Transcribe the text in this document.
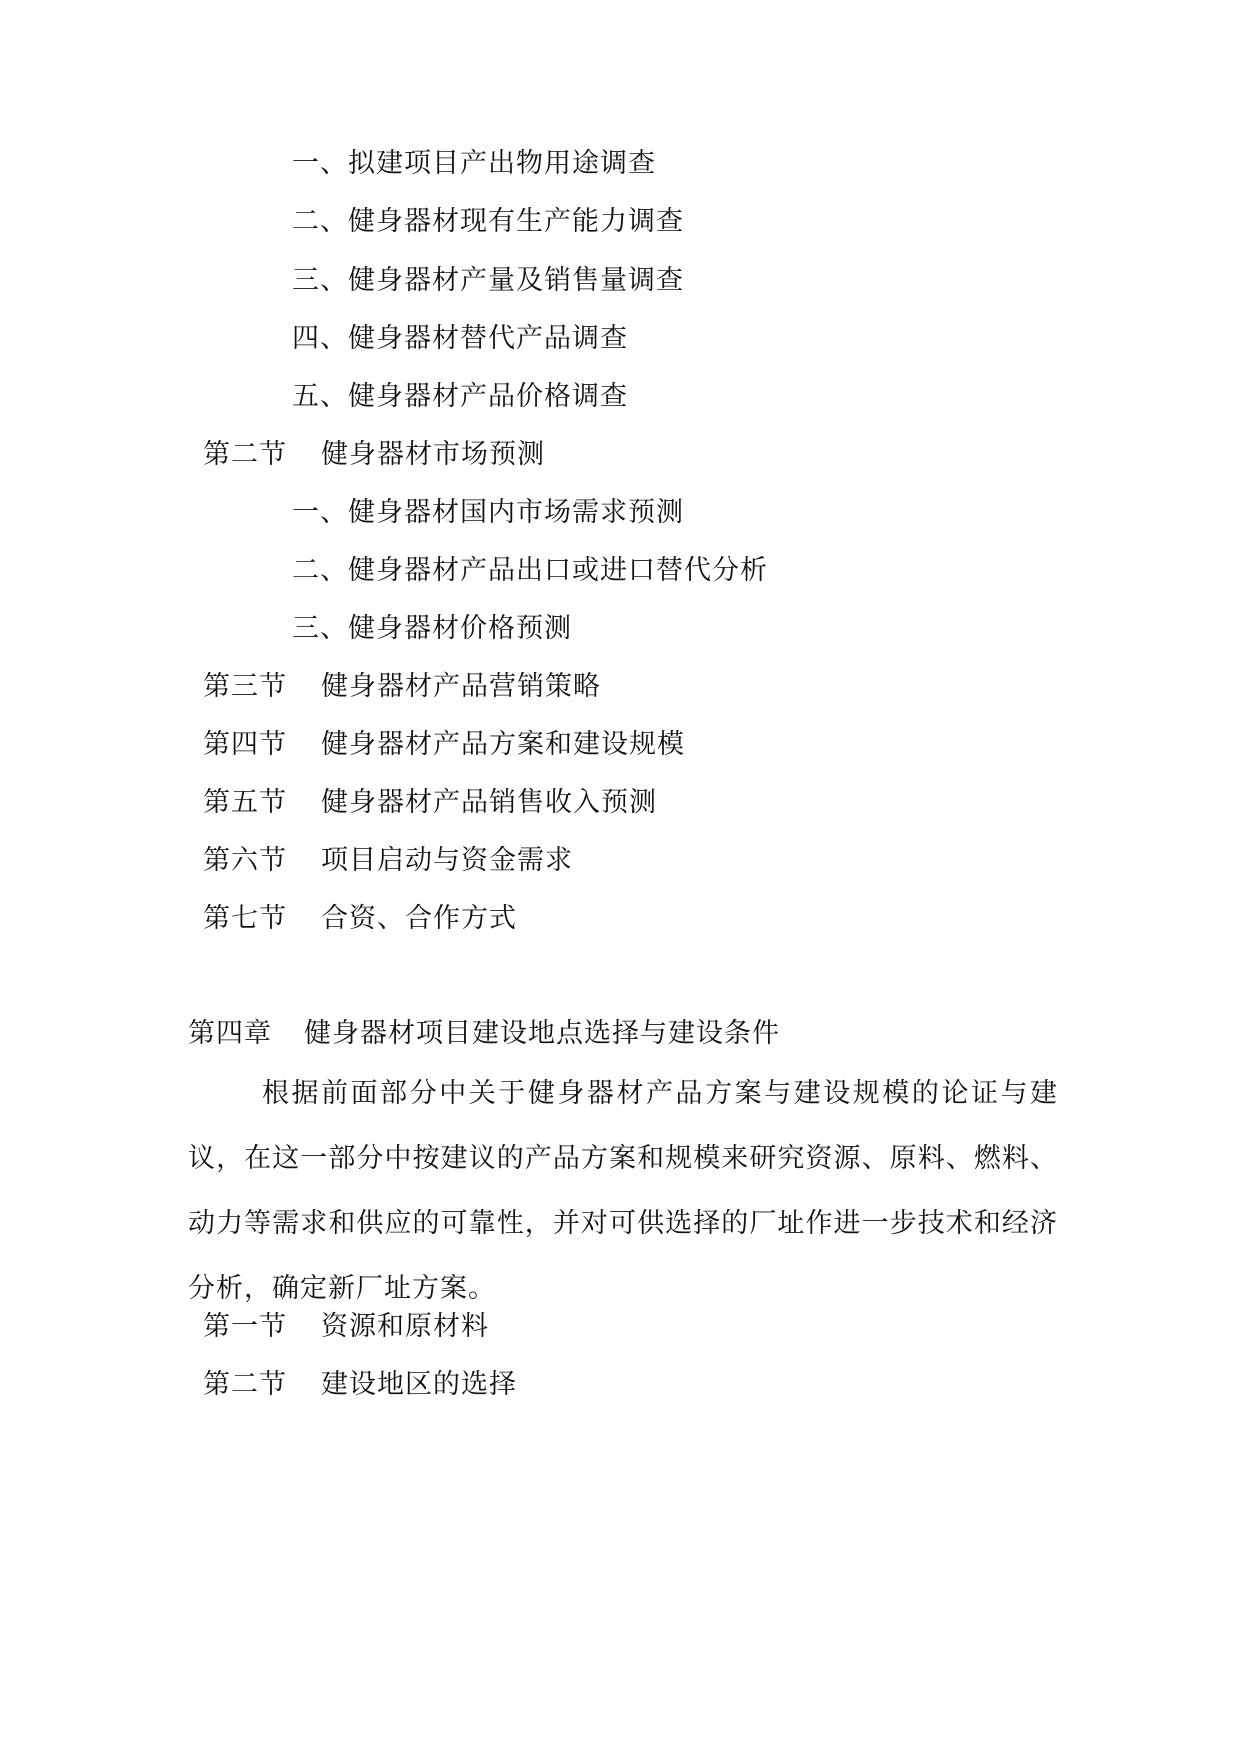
一、拟建项目产出物用途调查
二、健身器材现有生产能力调查
三、健身器材产量及销售量调查
四、健身器材替代产品调查
五、健身器材产品价格调查
第二节 健身器材市场预测
一、健身器材国内市场需求预测
二、健身器材产品出口或进口替代分析
三、健身器材价格预测
第三节 健身器材产品营销策略
第四节 健身器材产品方案和建设规模
第五节 健身器材产品销售收入预测
第六节 项目启动与资金需求
第七节 合资、合作方式
第四章 健身器材项目建设地点选择与建设条件
根据前面部分中关于健身器材产品方案与建设规模的论证与建议，在这一部分中按建议的产品方案和规模来研究资源、原料、燃料、动力等需求和供应的可靠性，并对可供选择的厂址作进一步技术和经济分析，确定新厂址方案。
第一节 资源和原材料
第二节 建设地区的选择
